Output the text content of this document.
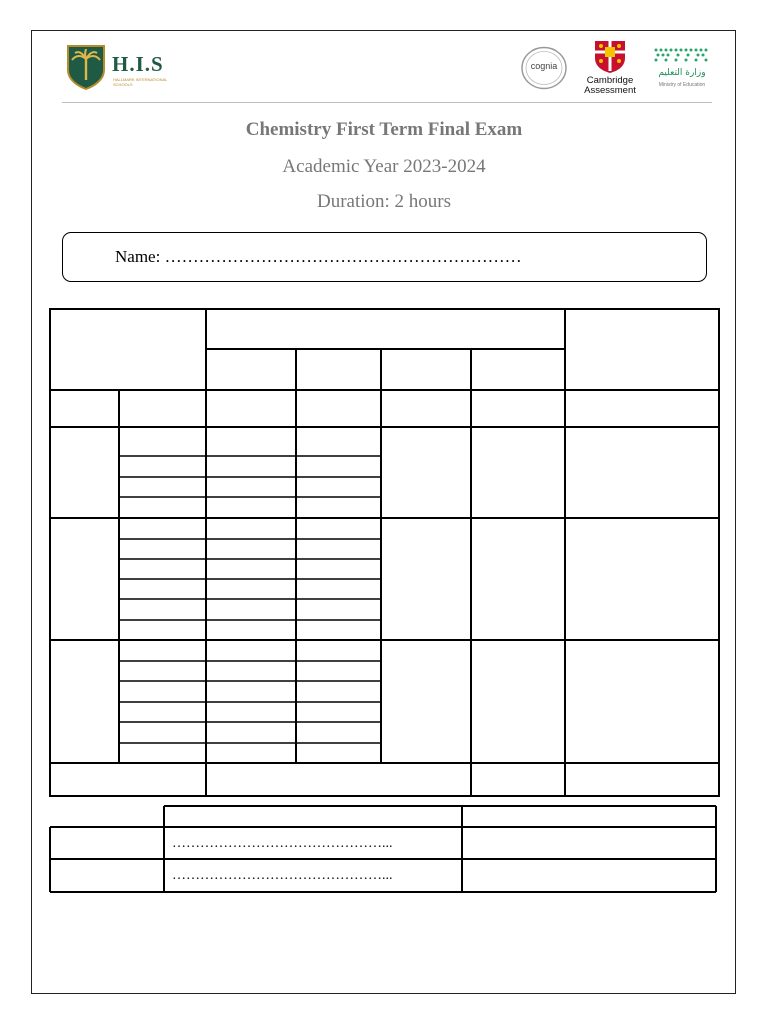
H.I.S
HALLMARK INTERNATIONAL SCHOOLS
cognia
Cambridge
Assessment
وزارة التعليم
Ministry of Education
Chemistry First Term Final Exam
Academic Year 2023-2024
Duration: 2 hours
Name: ………………………………………………………
………………………………………...
………………………………………...
